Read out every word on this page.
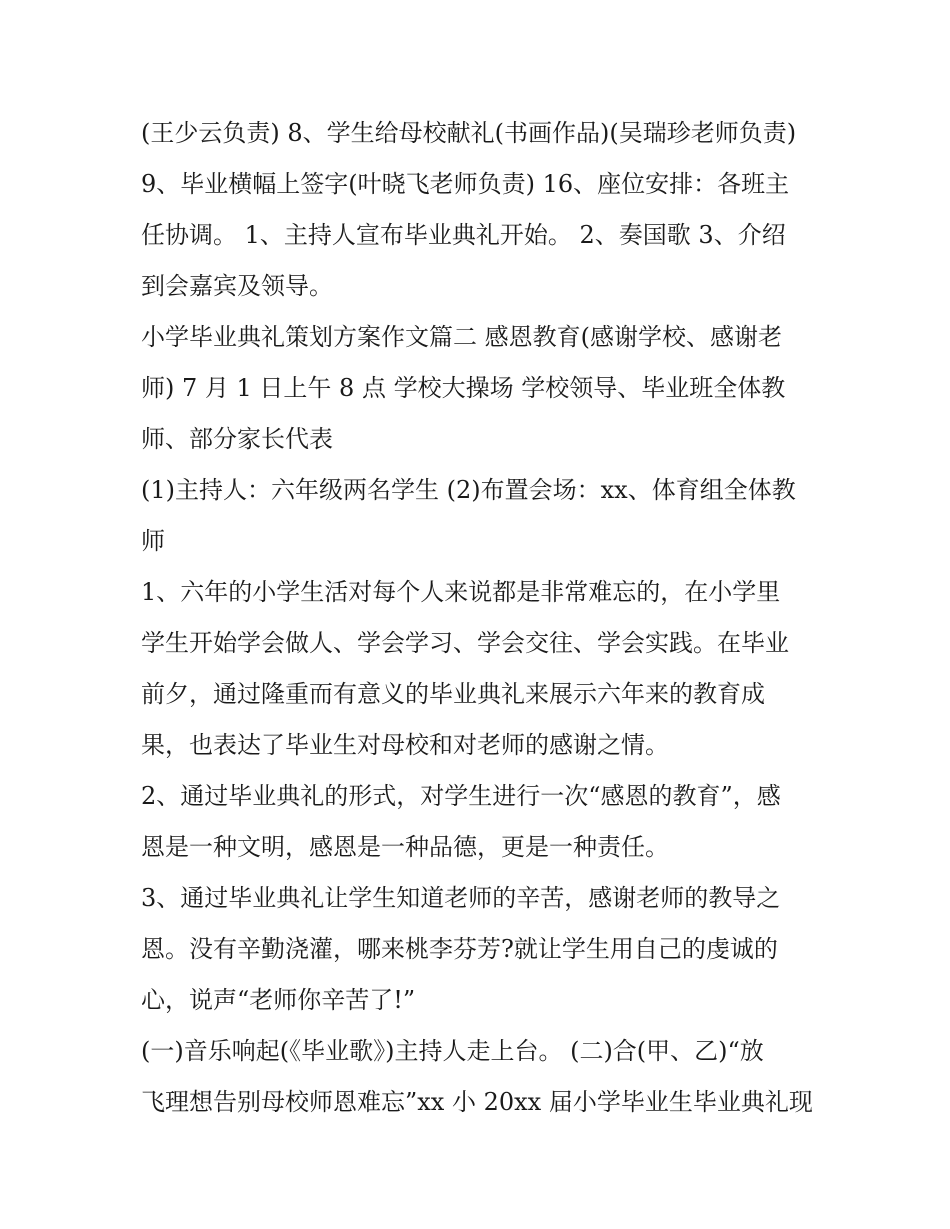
(王少云负责) 8、学生给母校献礼(书画作品)(吴瑞珍老师负责)
9、毕业横幅上签字(叶晓飞老师负责) 16、座位安排：各班主
任协调。 1、主持人宣布毕业典礼开始。 2、奏国歌 3、介绍
到会嘉宾及领导。
小学毕业典礼策划方案作文篇二 感恩教育(感谢学校、感谢老
师) 7 月 1 日上午 8 点 学校大操场 学校领导、毕业班全体教
师、部分家长代表
(1)主持人：六年级两名学生 (2)布置会场：xx、体育组全体教
师
1、六年的小学生活对每个人来说都是非常难忘的，在小学里
学生开始学会做人、学会学习、学会交往、学会实践。在毕业
前夕，通过隆重而有意义的毕业典礼来展示六年来的教育成
果，也表达了毕业生对母校和对老师的感谢之情。
2、通过毕业典礼的形式，对学生进行一次“感恩的教育”，感
恩是一种文明，感恩是一种品德，更是一种责任。
3、通过毕业典礼让学生知道老师的辛苦，感谢老师的教导之
恩。没有辛勤浇灌，哪来桃李芬芳?就让学生用自己的虔诚的
心，说声“老师你辛苦了!”
(一)音乐响起(《毕业歌》)主持人走上台。 (二)合(甲、乙)“放
飞理想告别母校师恩难忘”xx 小 20xx 届小学毕业生毕业典礼现
